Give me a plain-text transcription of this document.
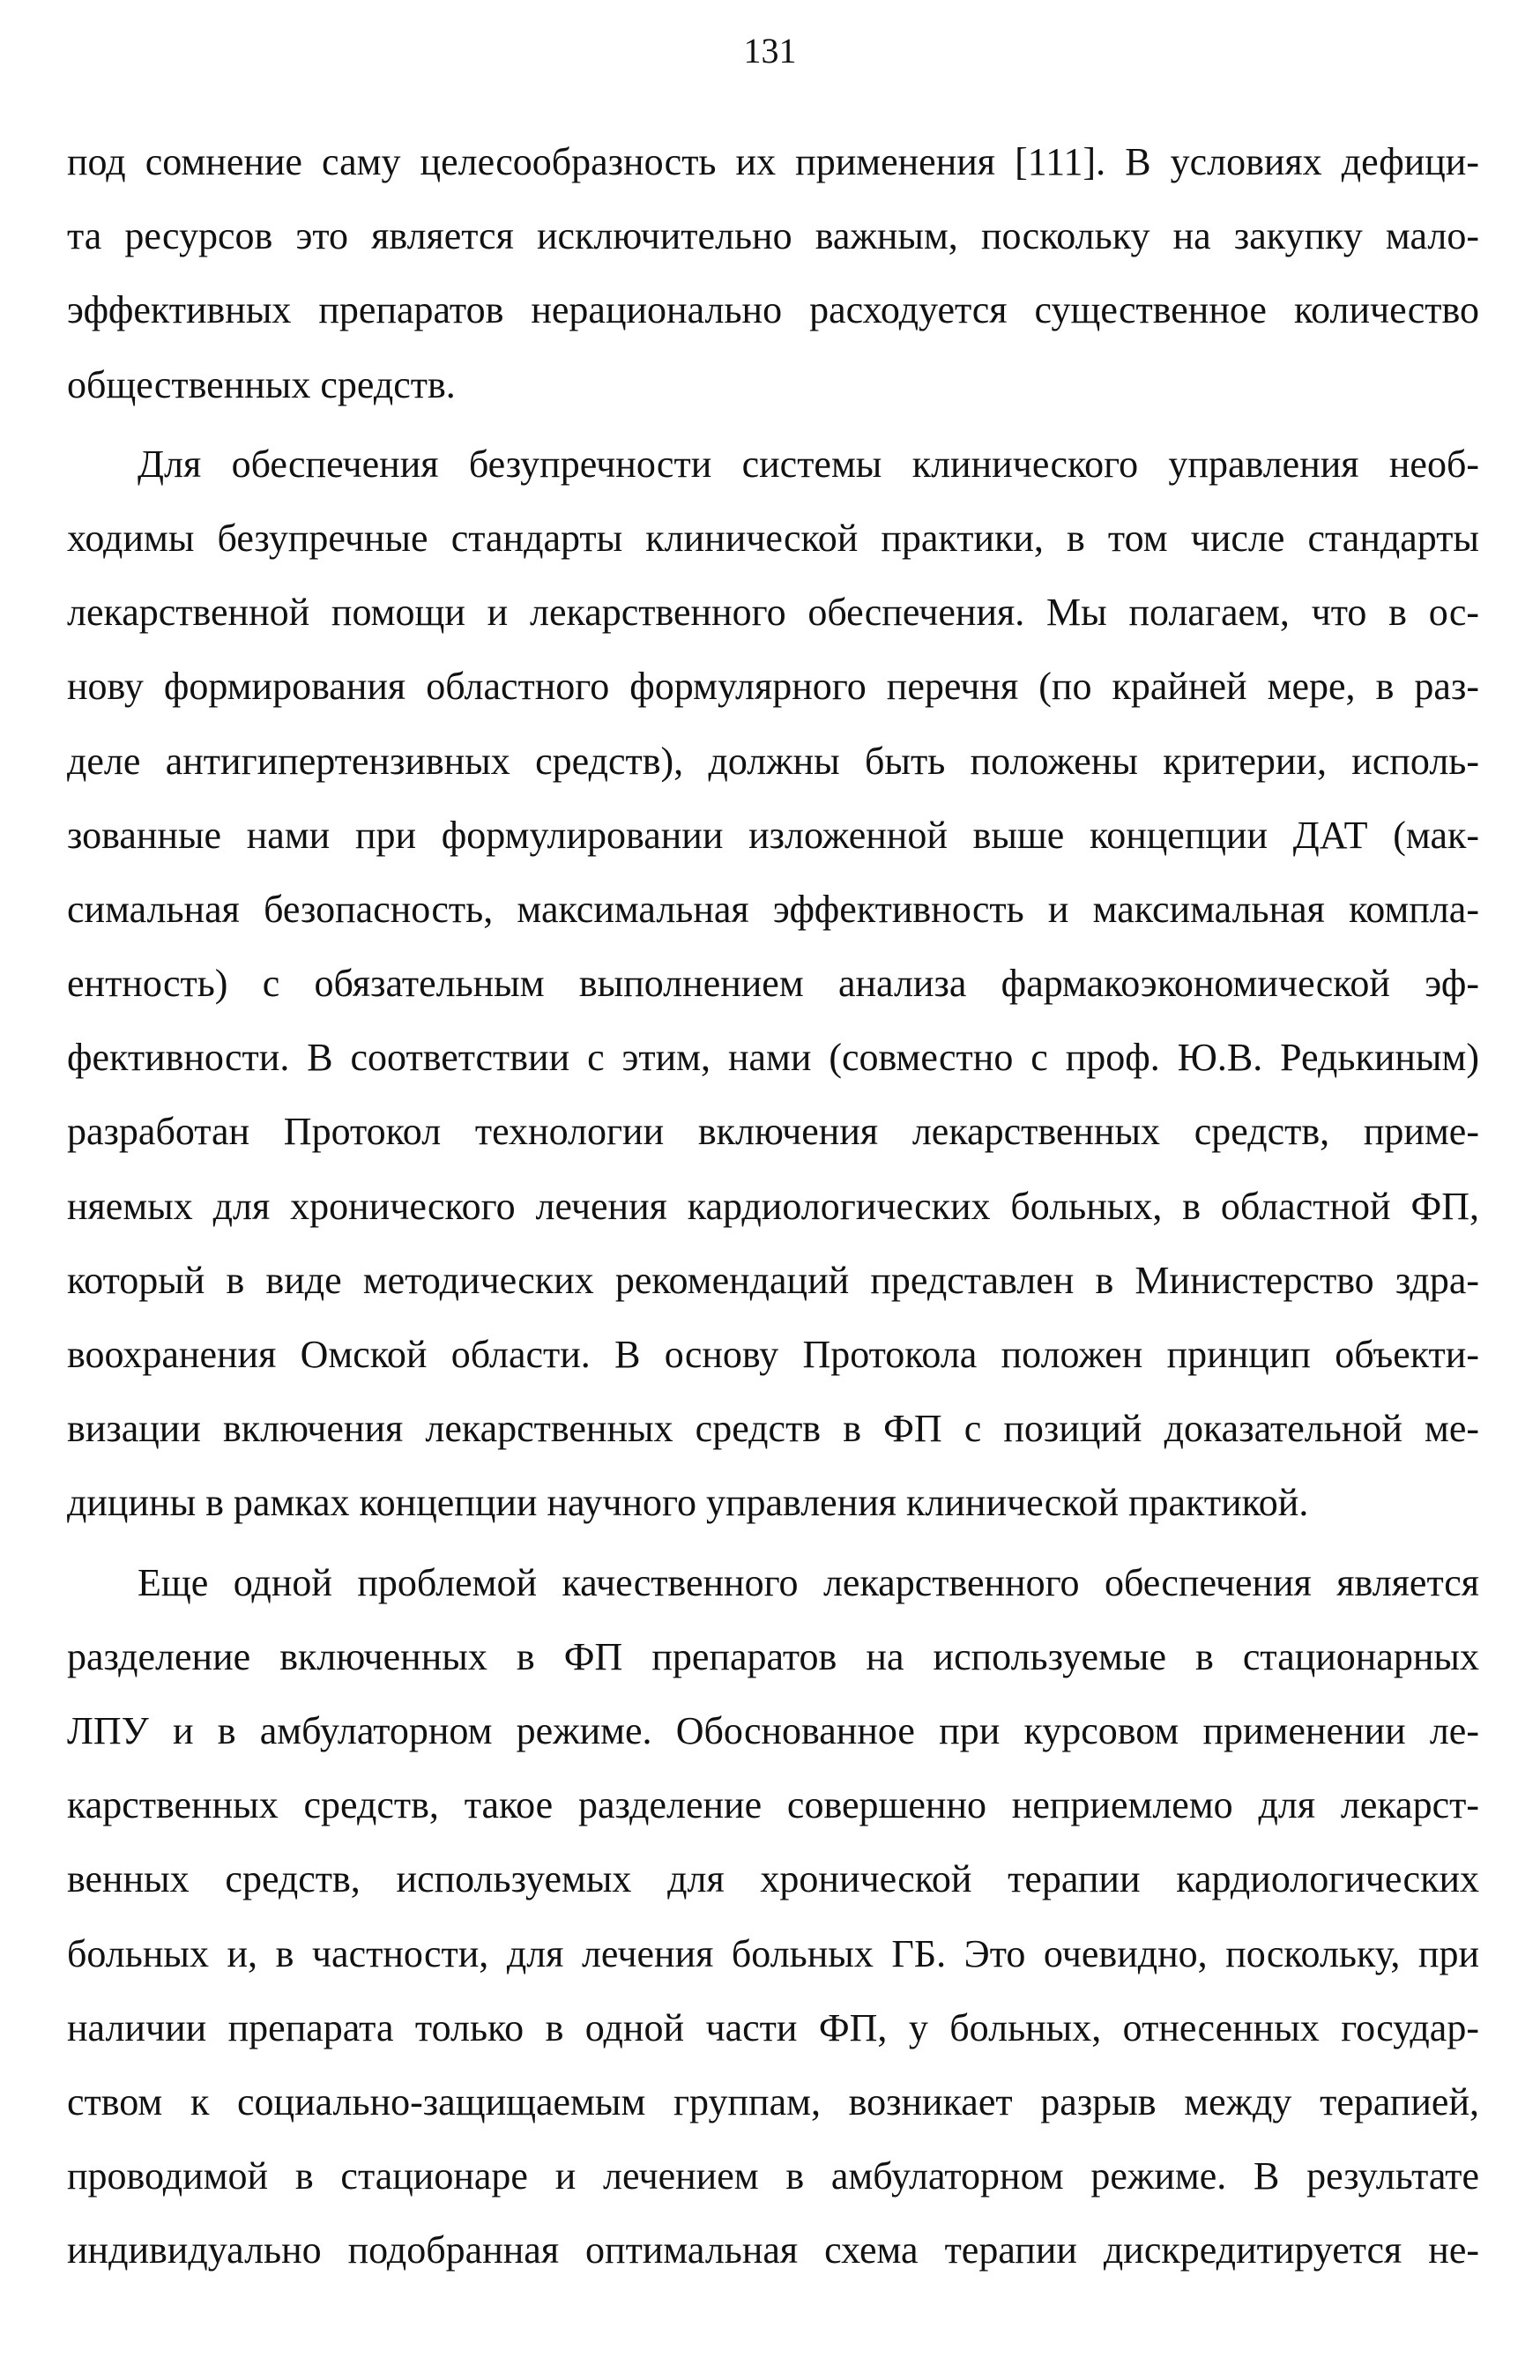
131
под сомнение саму целесообразность их применения [111]. В условиях дефици-
та ресурсов это является исключительно важным, поскольку на закупку мало-
эффективных препаратов нерационально расходуется существенное количество
общественных средств.
Для обеспечения безупречности системы клинического управления необ-
ходимы безупречные стандарты клинической практики, в том числе стандарты
лекарственной помощи и лекарственного обеспечения. Мы полагаем, что в ос-
нову формирования областного формулярного перечня (по крайней мере, в раз-
деле антигипертензивных средств), должны быть положены критерии, исполь-
зованные нами при формулировании изложенной выше концепции ДАТ (мак-
симальная безопасность, максимальная эффективность и максимальная компла-
ентность) с обязательным выполнением анализа фармакоэкономической эф-
фективности. В соответствии с этим, нами (совместно с проф. Ю.В. Редькиным)
разработан Протокол технологии включения лекарственных средств, приме-
няемых для хронического лечения кардиологических больных, в областной ФП,
который в виде методических рекомендаций представлен в Министерство здра-
воохранения Омской области. В основу Протокола положен принцип объекти-
визации включения лекарственных средств в ФП с позиций доказательной ме-
дицины в рамках концепции научного управления клинической практикой.
Еще одной проблемой качественного лекарственного обеспечения является
разделение включенных в ФП препаратов на используемые в стационарных
ЛПУ и в амбулаторном режиме. Обоснованное при курсовом применении ле-
карственных средств, такое разделение совершенно неприемлемо для лекарст-
венных средств, используемых для хронической терапии кардиологических
больных и, в частности, для лечения больных ГБ. Это очевидно, поскольку, при
наличии препарата только в одной части ФП, у больных, отнесенных государ-
ством к социально-защищаемым группам, возникает разрыв между терапией,
проводимой в стационаре и лечением в амбулаторном режиме. В результате
индивидуально подобранная оптимальная схема терапии дискредитируется не-
